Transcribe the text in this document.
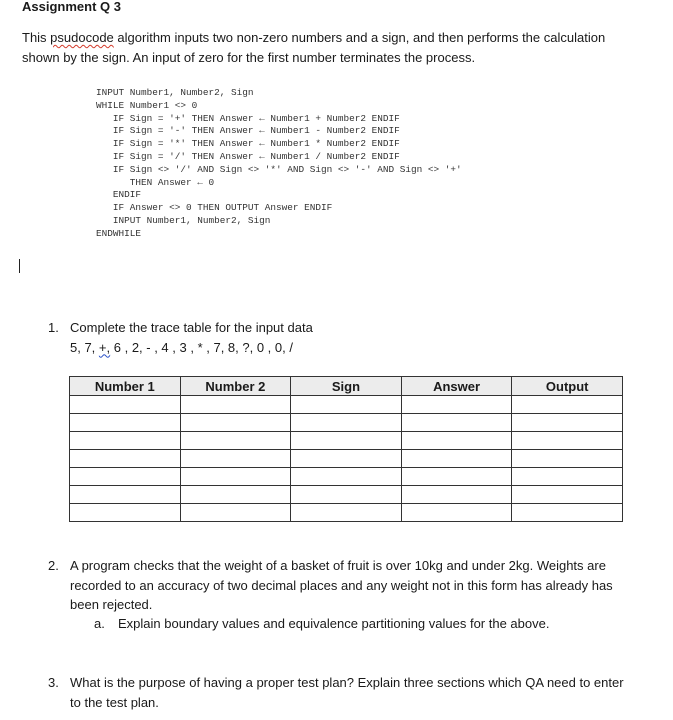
Assignment Q 3
This psudocode algorithm inputs two non-zero numbers and a sign, and then performs the calculation shown by the sign. An input of zero for the first number terminates the process.
INPUT Number1, Number2, Sign
WHILE Number1 <> 0
IF Sign = '+' THEN Answer ← Number1 + Number2 ENDIF
IF Sign = '-' THEN Answer ← Number1 - Number2 ENDIF
IF Sign = '*' THEN Answer ← Number1 * Number2 ENDIF
IF Sign = '/' THEN Answer ← Number1 / Number2 ENDIF
IF Sign <> '/' AND Sign <> '*' AND Sign <> '-' AND Sign <> '+'
THEN Answer ← 0
ENDIF
IF Answer <> 0 THEN OUTPUT Answer ENDIF
INPUT Number1, Number2, Sign
ENDWHILE
1. Complete the trace table for the input data
5, 7, +, 6 , 2, - , 4 , 3 , * , 7, 8, ?, 0 , 0, /
Number 1	Number 2	Sign	Answer	Output

2. A program checks that the weight of a basket of fruit is over 10kg and under 2kg. Weights are recorded to an accuracy of two decimal places and any weight not in this form has already has been rejected.
a. Explain boundary values and equivalence partitioning values for the above.
3. What is the purpose of having a proper test plan? Explain three sections which QA need to enter to the test plan.
